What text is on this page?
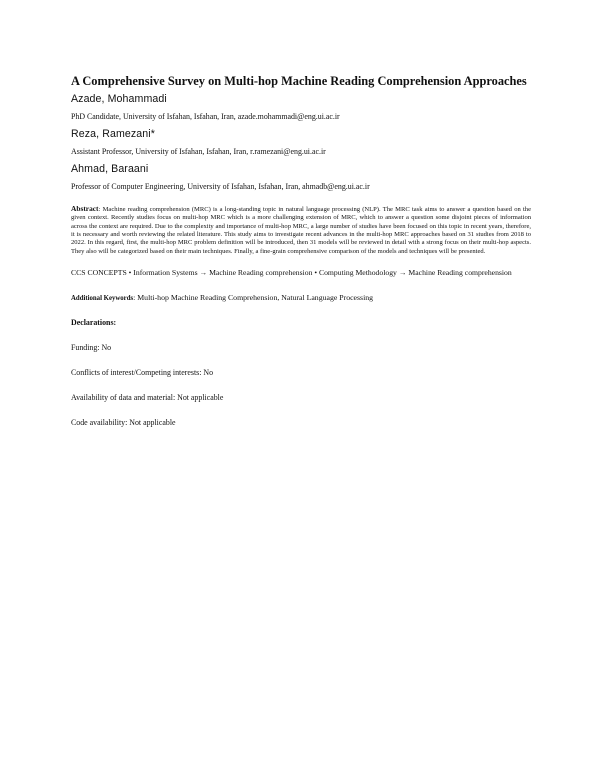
A Comprehensive Survey on Multi-hop Machine Reading Comprehension Approaches
Azade, Mohammadi
PhD Candidate, University of Isfahan, Isfahan, Iran, azade.mohammadi@eng.ui.ac.ir
Reza, Ramezani*
Assistant Professor, University of Isfahan, Isfahan, Iran, r.ramezani@eng.ui.ac.ir
Ahmad, Baraani
Professor of Computer Engineering, University of Isfahan, Isfahan, Iran, ahmadb@eng.ui.ac.ir

Abstract: Machine reading comprehension (MRC) is a long-standing topic in natural language processing (NLP). The MRC task aims to answer a question based on the given context. Recently studies focus on multi-hop MRC which is a more challenging extension of MRC, which to answer a question some disjoint pieces of information across the context are required. Due to the complexity and importance of multi-hop MRC, a large number of studies have been focused on this topic in recent years, therefore, it is necessary and worth reviewing the related literature. This study aims to investigate recent advances in the multi-hop MRC approaches based on 31 studies from 2018 to 2022. In this regard, first, the multi-hop MRC problem definition will be introduced, then 31 models will be reviewed in detail with a strong focus on their multi-hop aspects. They also will be categorized based on their main techniques. Finally, a fine-grain comprehensive comparison of the models and techniques will be presented.

CCS CONCEPTS • Information Systems → Machine Reading comprehension • Computing Methodology → Machine Reading comprehension
Additional Keywords: Multi-hop Machine Reading Comprehension, Natural Language Processing
Declarations:
Funding: No
Conflicts of interest/Competing interests: No
Availability of data and material: Not applicable
Code availability: Not applicable
